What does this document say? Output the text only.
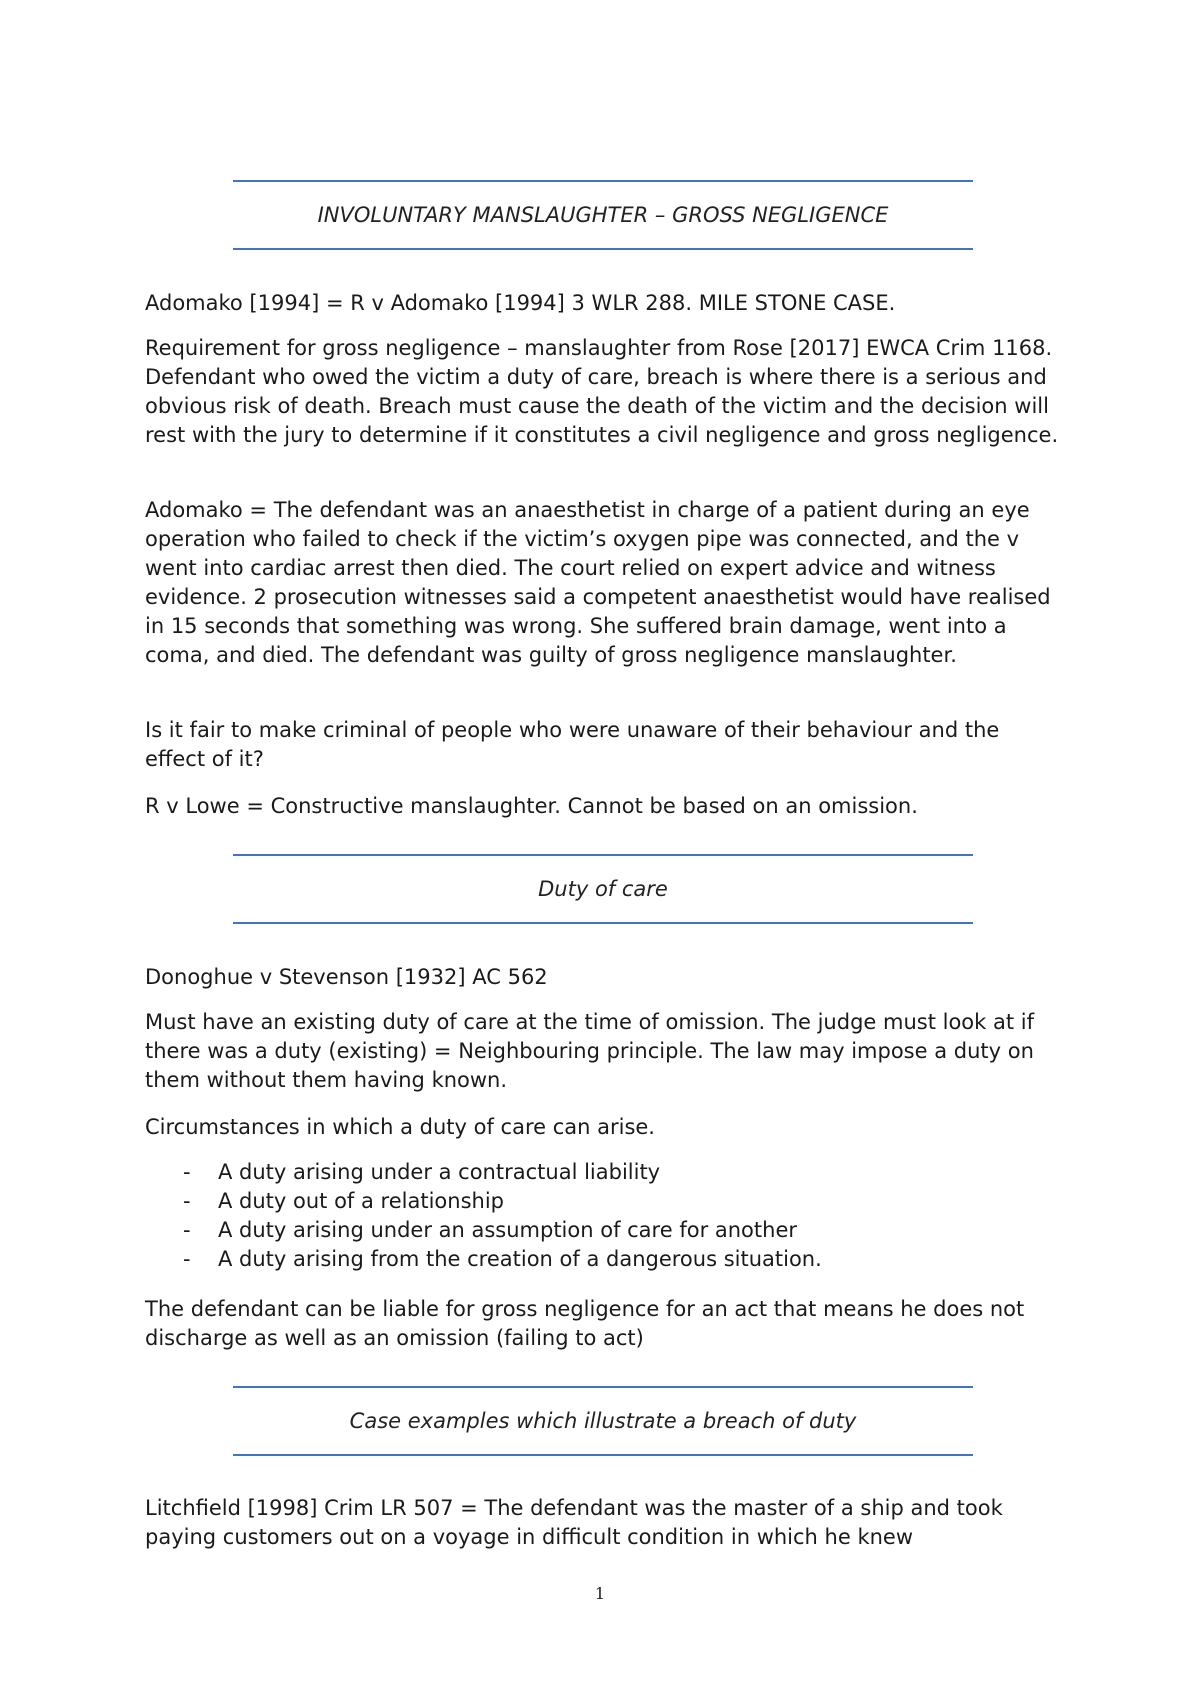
INVOLUNTARY MANSLAUGHTER – GROSS NEGLIGENCE

Adomako [1994] = R v Adomako [1994] 3 WLR 288. MILE STONE CASE.

Requirement for gross negligence – manslaughter from Rose [2017] EWCA Crim 1168. Defendant who owed the victim a duty of care, breach is where there is a serious and obvious risk of death. Breach must cause the death of the victim and the decision will rest with the jury to determine if it constitutes a civil negligence and gross negligence.

Adomako = The defendant was an anaesthetist in charge of a patient during an eye operation who failed to check if the victim’s oxygen pipe was connected, and the v went into cardiac arrest then died. The court relied on expert advice and witness evidence. 2 prosecution witnesses said a competent anaesthetist would have realised in 15 seconds that something was wrong. She suffered brain damage, went into a coma, and died. The defendant was guilty of gross negligence manslaughter.

Is it fair to make criminal of people who were unaware of their behaviour and the effect of it?

R v Lowe = Constructive manslaughter. Cannot be based on an omission.

Duty of care

Donoghue v Stevenson [1932] AC 562

Must have an existing duty of care at the time of omission. The judge must look at if there was a duty (existing) = Neighbouring principle. The law may impose a duty on them without them having known.

Circumstances in which a duty of care can arise.

- A duty arising under a contractual liability
- A duty out of a relationship
- A duty arising under an assumption of care for another
- A duty arising from the creation of a dangerous situation.

The defendant can be liable for gross negligence for an act that means he does not discharge as well as an omission (failing to act)

Case examples which illustrate a breach of duty

Litchfield [1998] Crim LR 507 = The defendant was the master of a ship and took paying customers out on a voyage in difficult condition in which he knew

1
